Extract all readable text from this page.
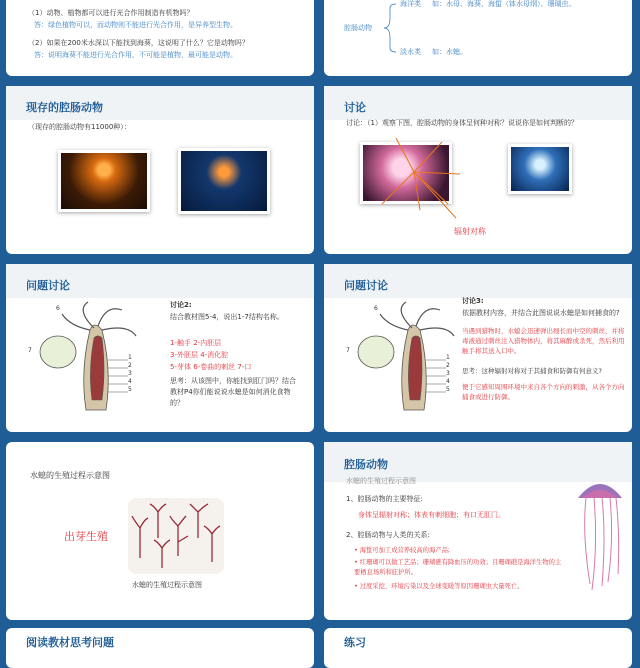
（1）动物、植物都可以进行光合作用制造有机物吗？
答：绿色植物可以，而动物则不能进行光合作用，是异养型生物。
（2）如果在200米水深以下能找到海葵，这说明了什么？它是动物吗？
答：说明海葵不能进行光合作用，不可能是植物，最可能是动物。
腔肠动物
海洋类 如：水母、海葵、海蜇（钵水母纲）、珊瑚虫。
淡水类 如：水螅。
现存的腔肠动物
（现存的腔肠动物有11000种）：
讨论
讨论：（1）观察下图，腔肠动物的身体呈何种对称？说说你是如何判断的？
辐射对称
问题讨论
1
2
3
4
5
6
7
讨论2:
结合教材图5-4，说出1-7结构名称。
1-触手 2-内胚层
3-外胚层 4-消化腔
5-芽体 6-卷曲的刺丝 7-口
思考：从该图中，你能找到肛门吗？结合教材P4你们能说说水螅是如何消化食物的？
问题讨论
1
2
3
4
5
6
7
讨论3:
依据教材内容，并结合此图说说水螅是如何捕食的?
当遇到猎物时，水螅会迅速弹出细长而中空的刺丝，并将毒液通过刺丝注入猎物体内，将其麻醉或杀死，然后利用触手将其送入口中。
思考：这种辐射对称对于其捕食和防御有何意义?
便于它感知周围环境中来自各个方向的刺激，从各个方向捕食或进行防御。
水螅的生殖过程示意图
出芽生殖
水螅的生殖过程示意图
腔肠动物
水螅的生殖过程示意图
1、腔肠动物的主要特征:
身体呈辐射对称；体表有刺细胞；有口无肛门。
2、腔肠动物与人类的关系:
• 海蜇可加工成营养较高的海产品;
• 红珊瑚可以做工艺品；珊瑚礁有降血压的功效；且珊瑚礁是海洋生物的主要栖息场所和庇护所。
• 过度采挖、环境污染以及全球变暖等原因珊瑚虫大量死亡。
阅读教材思考问题	练习
